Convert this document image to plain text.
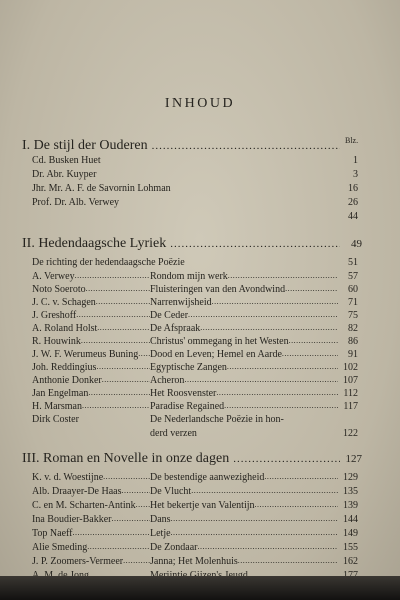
INHOUD
Blz.
I. De stijl der Ouderen
.....
Cd. Busken Huet	1
Dr. Abr. Kuyper	3
Jhr. Mr. A. F. de Savornin Lohman	16
Prof. Dr. Alb. Verwey	26
44
II. Hedendaagsche Lyriek .....	49
De richting der hedendaagsche Poëzie	51
A. Verwey .....	Rondom mijn werk .....	57
Noto Soeroto .....	Fluisteringen van den Avondwind .....	60
J. C. v. Schagen .....	Narrenwijsheid .....	71
J. Greshoff .....	De Ceder .....	75
A. Roland Holst .....	De Afspraak .....	82
R. Houwink .....	Christus' ommegang in het Westen .....	86
J. W. F. Werumeus Buning ..... Dood en Leven; Hemel en Aarde .....	91
Joh. Reddingius .....	Egyptische Zangen .....	102
Anthonie Donker .....	Acheron .....	107
Jan Engelman .....	Het Roosvenster .....	112
H. Marsman .....	Paradise Regained .....	117
Dirk Coster	De Nederlandsche Poëzie in hon-
derd verzen	122
III. Roman en Novelle in onze dagen .....	127
K. v. d. Woestijne .....	De bestendige aanwezigheid .....	129
Alb. Draayer-De Haas .....	De Vlucht .....	135
C. en M. Scharten-Antink ..... Het bekertje van Valentijn .....	139
Ina Boudier-Bakker .....	Dans .....	144
Top Naeff .....	Letje .....	149
Alie Smeding .....	De Zondaar .....	155
J. P. Zoomers-Vermeer .....	Janna; Het Molenhuis .....	162
.....
.....
